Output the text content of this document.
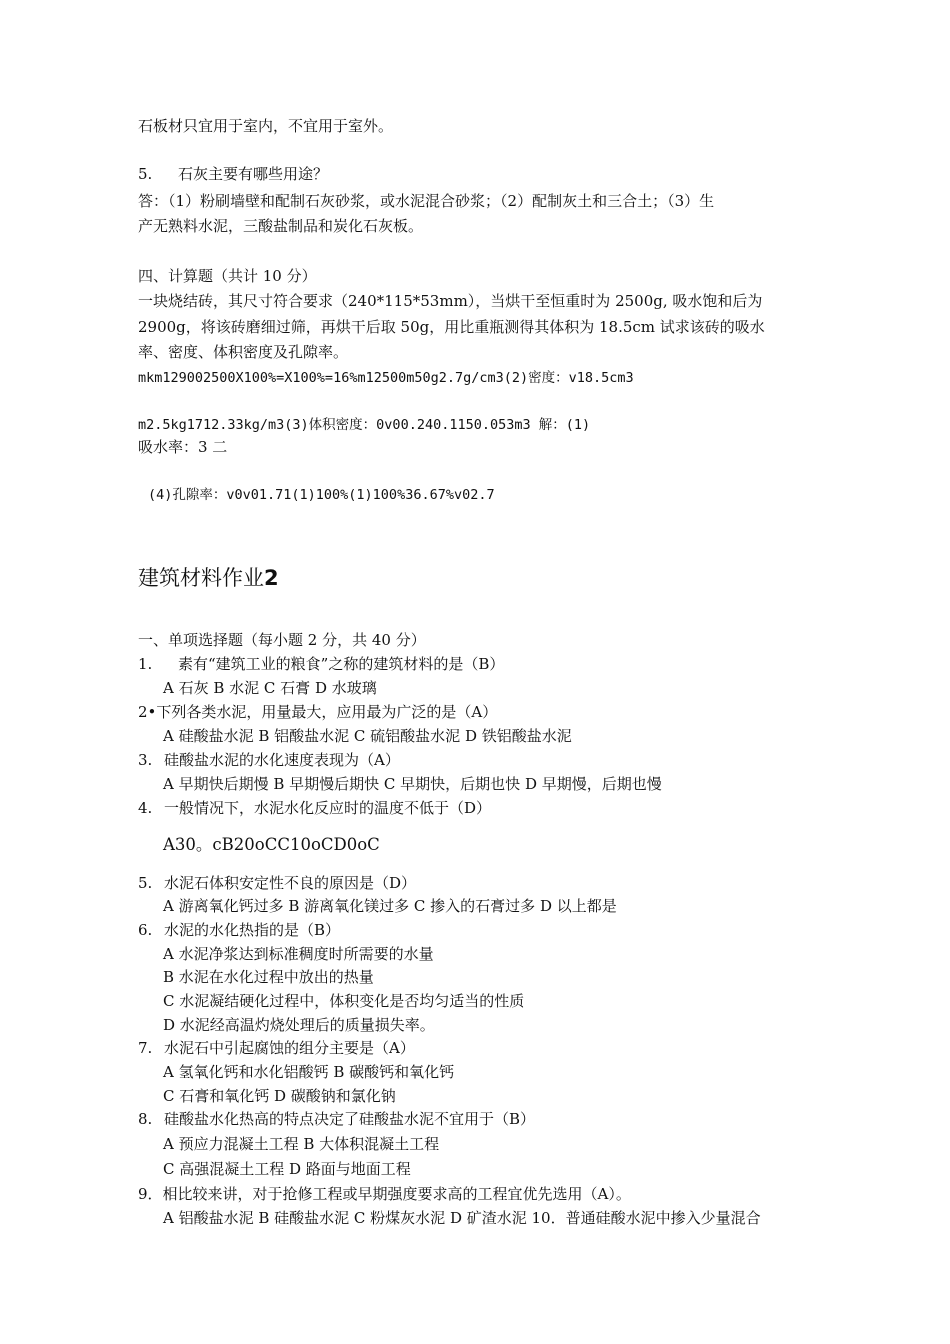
石板材只宜用于室内，不宜用于室外。
5. 石灰主要有哪些用途？
答：（1）粉刷墙壁和配制石灰砂浆，或水泥混合砂浆；（2）配制灰土和三合土；（3）生
产无熟料水泥，三酸盐制品和炭化石灰板。
四、计算题（共计 10 分）
一块烧结砖，其尺寸符合要求（240*115*53mm），当烘干至恒重时为 2500g, 吸水饱和后为
2900g，将该砖磨细过筛，再烘干后取 50g，用比重瓶测得其体积为 18.5cm 试求该砖的吸水
率、密度、体积密度及孔隙率。
mkm129002500X100%=X100%=16%m12500m50g2.7g/cm3(2)密度：v18.5cm3
m2.5kg1712.33kg/m3(3)体积密度：0v00.240.1150.053m3 解：(1)
吸水率：3 二
(4)孔隙率：v0v01.71(1)100%(1)100%36.67%v02.7
建筑材料作业2
一、单项选择题（每小题 2 分，共 40 分）
1. 素有“建筑工业的粮食”之称的建筑材料的是（B）
A 石灰 B 水泥 C 石膏 D 水玻璃
2•下列各类水泥，用量最大，应用最为广泛的是（A）
A 硅酸盐水泥 B 铝酸盐水泥 C 硫铝酸盐水泥 D 铁铝酸盐水泥
3. 硅酸盐水泥的水化速度表现为（A）
A 早期快后期慢 B 早期慢后期快 C 早期快，后期也快 D 早期慢，后期也慢
4. 一般情况下，水泥水化反应时的温度不低于（D）
A30。cB20oCC10oCD0oC
5. 水泥石体积安定性不良的原因是（D）
A 游离氧化钙过多 B 游离氧化镁过多 C 掺入的石膏过多 D 以上都是
6. 水泥的水化热指的是（B）
A 水泥净浆达到标准稠度时所需要的水量
B 水泥在水化过程中放出的热量
C 水泥凝结硬化过程中，体积变化是否均匀适当的性质
D 水泥经高温灼烧处理后的质量损失率。
7. 水泥石中引起腐蚀的组分主要是（A）
A 氢氧化钙和水化铝酸钙 B 碳酸钙和氧化钙
C 石膏和氧化钙 D 碳酸钠和氯化钠
8. 硅酸盐水化热高的特点决定了硅酸盐水泥不宜用于（B）
A 预应力混凝土工程 B 大体积混凝土工程
C 高强混凝土工程 D 路面与地面工程
9．相比较来讲，对于抢修工程或早期强度要求高的工程宜优先选用（A）。
A 铝酸盐水泥 B 硅酸盐水泥 C 粉煤灰水泥 D 矿渣水泥 10．普通硅酸水泥中掺入少量混合
